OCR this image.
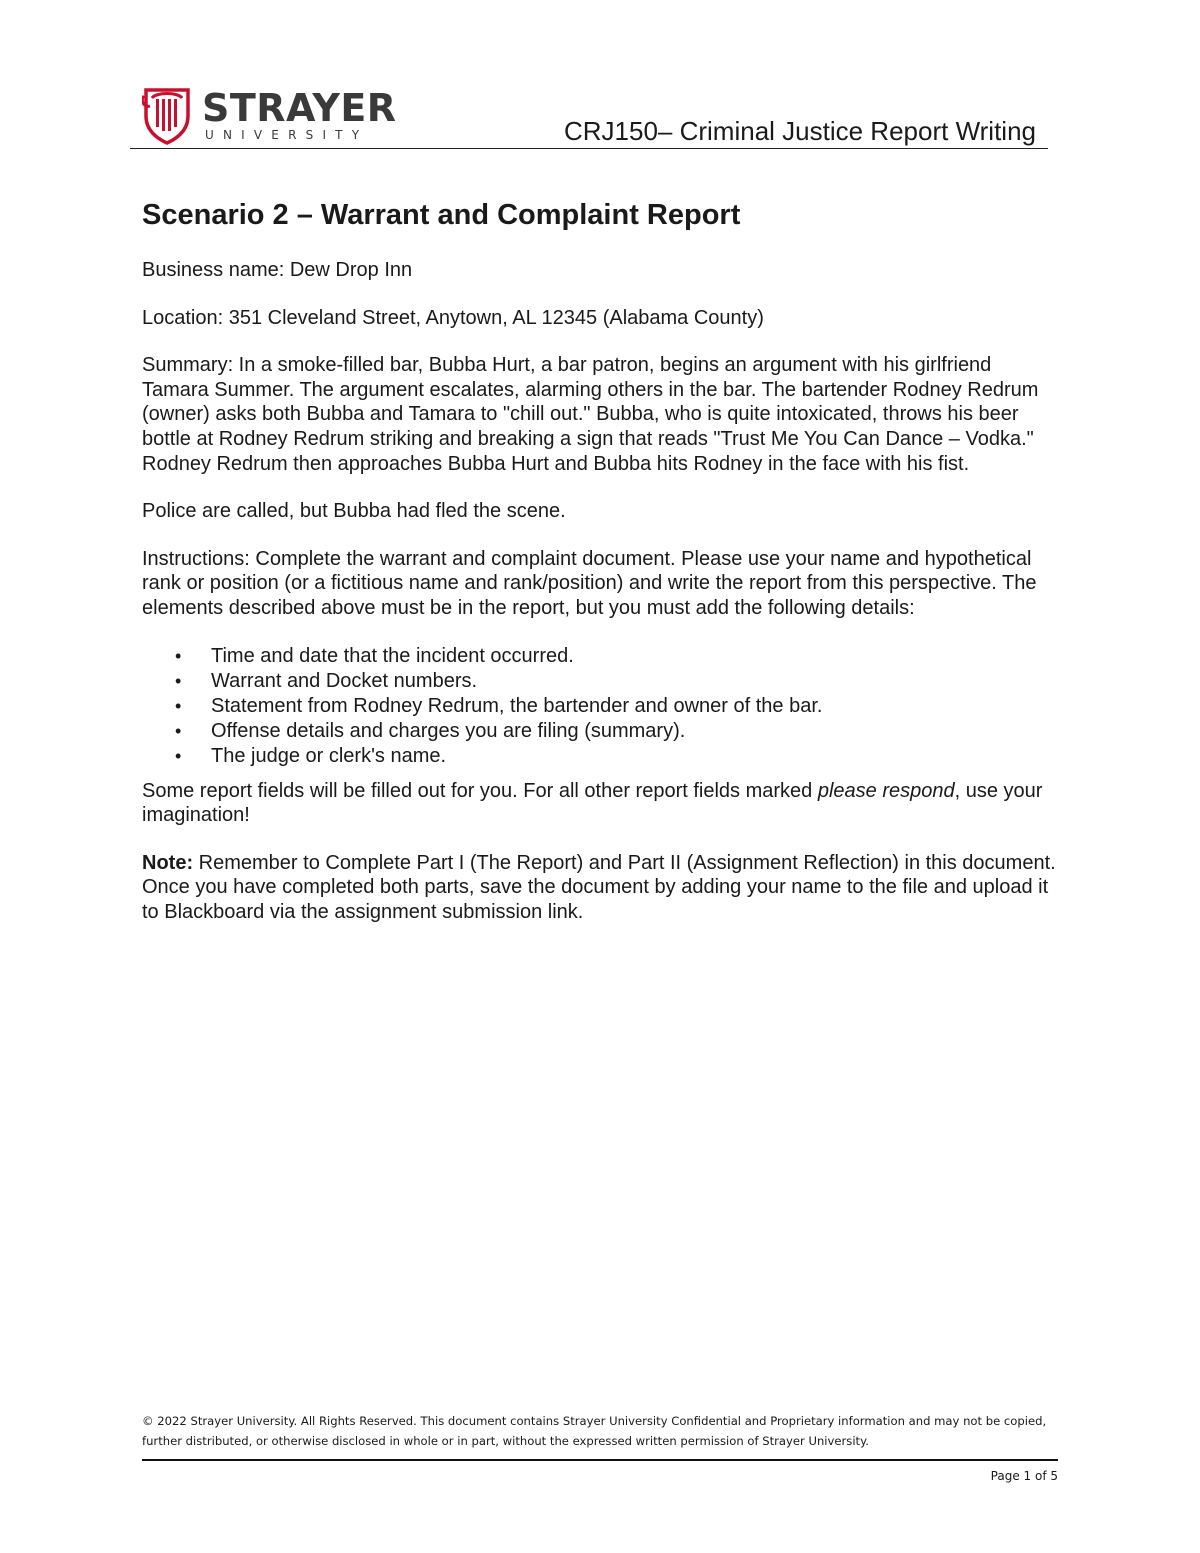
STRAYER
UNIVERSITY	CRJ150– Criminal Justice Report Writing
Scenario 2 – Warrant and Complaint Report

Business name: Dew Drop Inn

Location: 351 Cleveland Street, Anytown, AL 12345 (Alabama County)

Summary: In a smoke-filled bar, Bubba Hurt, a bar patron, begins an argument with his girlfriend Tamara Summer. The argument escalates, alarming others in the bar. The bartender Rodney Redrum (owner) asks both Bubba and Tamara to "chill out." Bubba, who is quite intoxicated, throws his beer bottle at Rodney Redrum striking and breaking a sign that reads "Trust Me You Can Dance – Vodka." Rodney Redrum then approaches Bubba Hurt and Bubba hits Rodney in the face with his fist.

Police are called, but Bubba had fled the scene.

Instructions: Complete the warrant and complaint document. Please use your name and hypothetical rank or position (or a fictitious name and rank/position) and write the report from this perspective. The elements described above must be in the report, but you must add the following details:

• Time and date that the incident occurred.
• Warrant and Docket numbers.
• Statement from Rodney Redrum, the bartender and owner of the bar.
• Offense details and charges you are filing (summary).
• The judge or clerk's name.

Some report fields will be filled out for you. For all other report fields marked please respond, use your imagination!

Note: Remember to Complete Part I (The Report) and Part II (Assignment Reflection) in this document. Once you have completed both parts, save the document by adding your name to the file and upload it to Blackboard via the assignment submission link.

© 2022 Strayer University. All Rights Reserved. This document contains Strayer University Confidential and Proprietary information and may not be copied, further distributed, or otherwise disclosed in whole or in part, without the expressed written permission of Strayer University.
Page 1 of 5
